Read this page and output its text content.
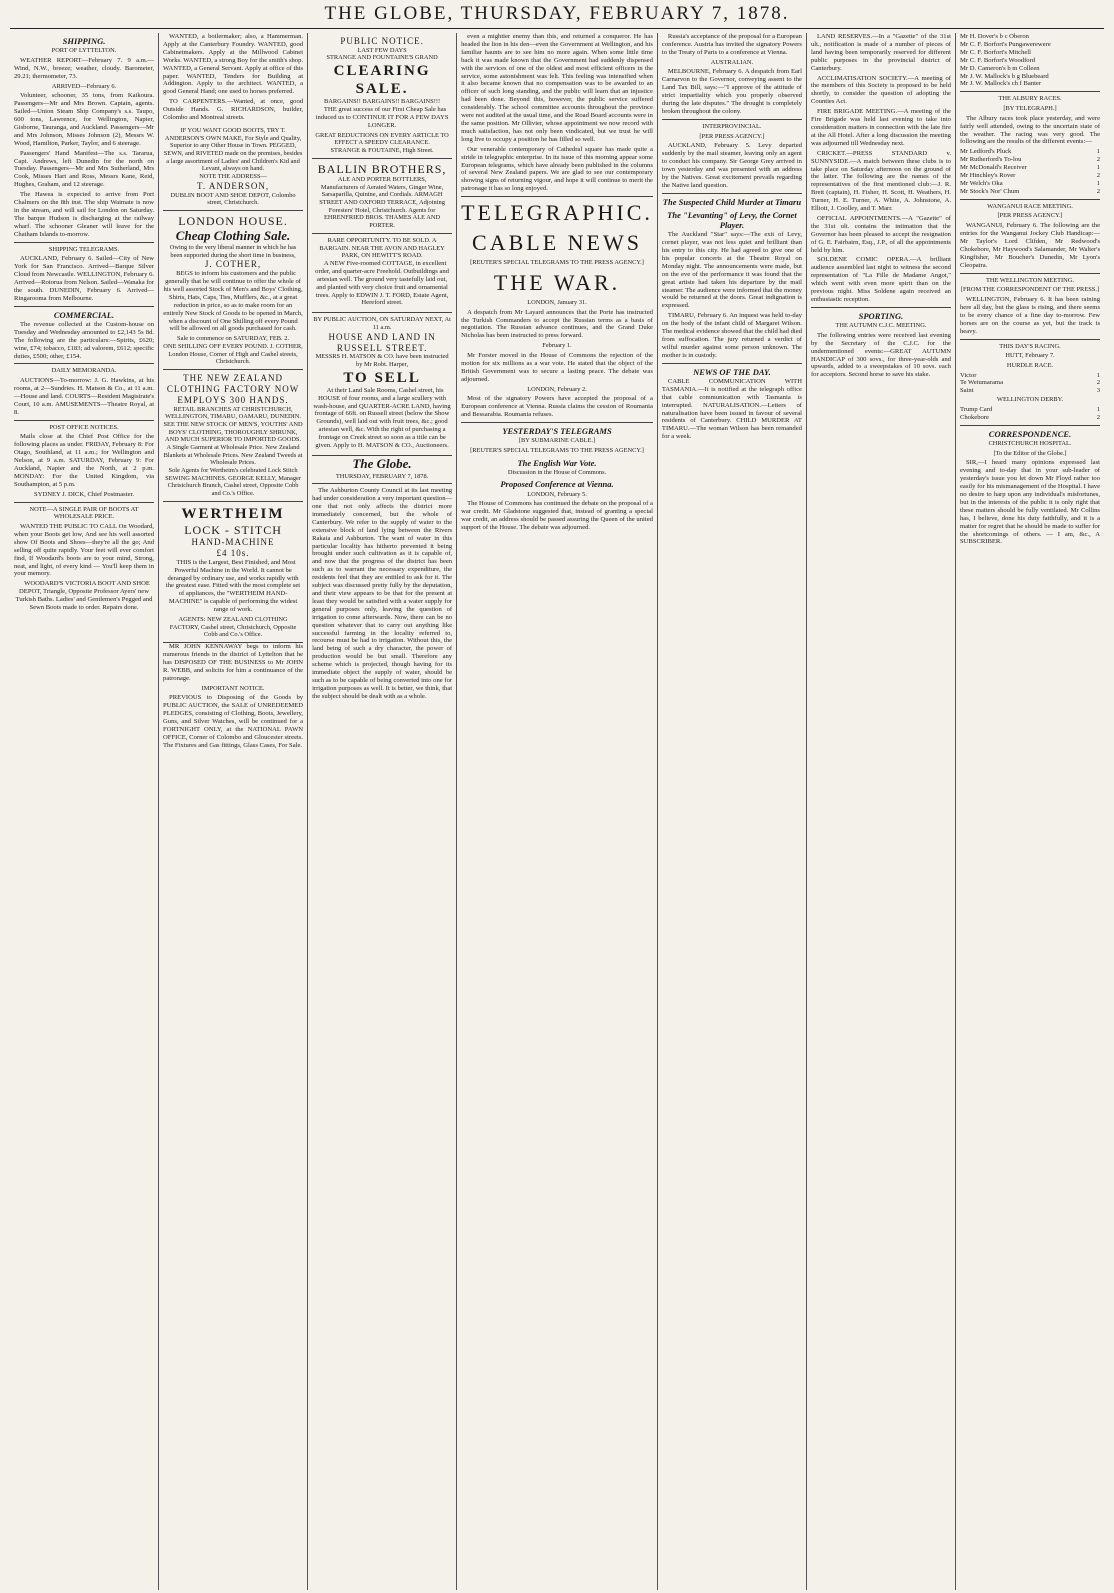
THE GLOBE, THURSDAY, FEBRUARY 7, 1878.
SHIPPING.
PORT OF LYTTELTON.

WEATHER REPORT—February 7. 9 a.m.—Wind, N.W., breeze; weather, cloudy. Barometer, 29.21; thermometer, 73.

ARRIVED—February 6.

Volunteer, schooner, 35 tons, from Kaikoura. Passengers—Mr and Mrs Brown. Captain, agents. Sailed—Union Steam Ship Company's s.s. Taupo, 600 tons, Lawrence, for Wellington, Napier, Gisborne, Tauranga, and Auckland. Passengers—Mr and Mrs Johnson, Misses Johnson (2), Messrs W. Wood, Hamilton, Parker, Taylor, and 6 steerage.

Passengers' Hand Manifest—The s.s. Tararua, Capt. Andrews, left Dunedin for the north on Tuesday. Passengers—Mr and Mrs Sutherland, Mrs Cook, Misses Hart and Ross, Messrs Kane, Reid, Hughes, Graham, and 12 steerage.

The Hawea is expected to arrive from Port Chalmers on the 8th inst. The ship Waimate is now in the stream, and will sail for London on Saturday. The barque Hudson is discharging at the railway wharf. The schooner Gleaner will leave for the Chatham Islands to-morrow.

SHIPPING TELEGRAMS.

AUCKLAND, February 6. Sailed—City of New York for San Francisco. Arrived—Barque Silver Cloud from Newcastle. WELLINGTON, February 6. Arrived—Rotorua from Nelson. Sailed—Wanaka for the south. DUNEDIN, February 6. Arrived—Ringarooma from Melbourne.

COMMERCIAL.

The revenue collected at the Custom-house on Tuesday and Wednesday amounted to £2,143 5s 8d. The following are the particulars:—Spirits, £620; wine, £74; tobacco, £183; ad valorem, £612; specific duties, £500; other, £154.

DAILY MEMORANDA.

AUCTIONS—To-morrow: J. G. Hawkins, at his rooms, at 2—Sundries. H. Matson & Co., at 11 a.m.—House and land. COURTS—Resident Magistrate's Court, 10 a.m. AMUSEMENTS—Theatre Royal, at 8.

POST OFFICE NOTICES.

Mails close at the Chief Post Office for the following places as under. FRIDAY, February 8: For Otago, Southland, at 11 a.m.; for Wellington and Nelson, at 9 a.m. SATURDAY, February 9: For Auckland, Napier and the North, at 2 p.m. MONDAY: For the United Kingdom, via Southampton, at 5 p.m.

SYDNEY J. DICK, Chief Postmaster.
NOTE—A SINGLE PAIR OF BOOTS AT WHOLESALE PRICE.

WANTED THE PUBLIC TO CALL On Woodard, when your Boots get low, And see his well assorted show Of Boots and Shoes—they're all the go; And selling off quite rapidly. Your feet will ever comfort find, If Woodard's boots are to your mind, Strong, neat, and light, of every kind — You'll keep them in your memory.

WOODARD'S VICTORIA BOOT AND SHOE DEPOT, Triangle, Opposite Professor Ayers' new Turkish Baths. Ladies' and Gentlemen's Pegged and Sewn Boots made to order. Repairs done.

WANTED, a boilermaker; also, a Hammerman. Apply at the Canterbury Foundry. WANTED, good Cabinetmakers. Apply at the Millwood Cabinet Works. WANTED, a strong Boy for the smith's shop. WANTED, a General Servant. Apply at office of this paper. WANTED, Tenders for Building at Addington. Apply to the architect. WANTED, a good General Hand; one used to horses preferred.

TO CARPENTERS.—Wanted, at once, good Outside Hands. G. RICHARDSON, builder, Colombo and Montreal streets.

IF YOU WANT GOOD BOOTS, TRY T. ANDERSON'S OWN MAKE, For Style and Quality, Superior to any Other House in Town. PEGGED, SEWN, and RIVETED made on the premises, besides a large assortment of Ladies' and Children's Kid and Levant, always on hand.
NOTE THE ADDRESS—
T. ANDERSON,
DUBLIN BOOT AND SHOE DEPOT, Colombo street, Christchurch.
LONDON HOUSE.
Cheap Clothing Sale.
Owing to the very liberal manner in which he has been supported during the short time in business,
J. COTHER,

BEGS to inform his customers and the public generally that he will continue to offer the whole of his well assorted Stock of Men's and Boys' Clothing, Shirts, Hats, Caps, Ties, Mufflers, &c., at a great reduction in price, so as to make room for an entirely New Stock of Goods to be opened in March, when a discount of One Shilling off every Pound will be allowed on all goods purchased for cash.

Sale to commence on SATURDAY, FEB. 2.
ONE SHILLING OFF EVERY POUND. J. COTHER, London House, Corner of High and Cashel streets, Christchurch.
THE NEW ZEALAND CLOTHING FACTORY NOW EMPLOYS 300 HANDS.
RETAIL BRANCHES AT CHRISTCHURCH, WELLINGTON, TIMARU, OAMARU, DUNEDIN.
SEE THE NEW STOCK OF MEN'S, YOUTHS' AND BOYS' CLOTHING, THOROUGHLY SHRUNK, AND MUCH SUPERIOR TO IMPORTED GOODS.
A Single Garment at Wholesale Price. New Zealand Blankets at Wholesale Prices. New Zealand Tweeds at Wholesale Prices.
Sole Agents for Wertheim's celebrated Lock Stitch SEWING MACHINES. GEORGE KELLY, Manager Christchurch Branch, Cashel street, Opposite Cobb and Co.'s Office.
WERTHEIM
LOCK - STITCH
HAND-MACHINE
£4 10s.

THIS is the Largest, Best Finished, and Most Powerful Machine in the World. It cannot be deranged by ordinary use, and works rapidly with the greatest ease. Fitted with the most complete set of appliances, the "WERTHEIM HAND-MACHINE" is capable of performing the widest range of work.

AGENTS: NEW ZEALAND CLOTHING FACTORY, Cashel street, Christchurch, Opposite Cobb and Co.'s Office.

MR JOHN KENNAWAY begs to inform his numerous friends in the district of Lyttelton that he has DISPOSED OF THE BUSINESS to Mr JOHN R. WEBB, and solicits for him a continuance of the patronage.

IMPORTANT NOTICE.

PREVIOUS to Disposing of the Goods by PUBLIC AUCTION, the SALE of UNREDEEMED PLEDGES, consisting of Clothing, Boots, Jewellery, Guns, and Silver Watches, will be continued for a FORTNIGHT ONLY, at the NATIONAL PAWN OFFICE, Corner of Colombo and Gloucester streets. The Fixtures and Gas fittings, Glass Cases, For Sale.

PUBLIC NOTICE.
LAST FEW DAYS
STRANGE AND FOUNTAINE'S GRAND
CLEARING SALE.
BARGAINS!! BARGAINS!! BARGAINS!!!

THE great success of our First Cheap Sale has induced us to CONTINUE IT FOR A FEW DAYS LONGER.

GREAT REDUCTIONS ON EVERY ARTICLE TO EFFECT A SPEEDY CLEARANCE.
STRANGE & FOUTAINE, High Street.
BALLIN BROTHERS,
ALE AND PORTER BOTTLERS,
Manufacturers of Aerated Waters, Ginger Wine, Sarsaparilla, Quinine, and Cordials. ARMAGH STREET AND OXFORD TERRACE, Adjoining Foresters' Hotel, Christchurch. Agents for EHRENFRIED BROS. THAMES ALE AND PORTER.
RARE OPPORTUNITY. TO BE SOLD. A BARGAIN. NEAR THE AVON AND HAGLEY PARK, ON HEWITT'S ROAD.

A NEW Five-roomed COTTAGE, in excellent order, and quarter-acre Freehold. Outbuildings and artesian well. The ground very tastefully laid out, and planted with very choice fruit and ornamental trees. Apply to EDWIN J. T. FORD, Estate Agent, Hereford street.

BY PUBLIC AUCTION, ON SATURDAY NEXT, At 11 a.m.
HOUSE AND LAND IN RUSSELL STREET.
MESSRS H. MATSON & CO. have been instructed by Mr Robt. Harper,
TO SELL

At their Land Sale Rooms, Cashel street, his HOUSE of four rooms, and a large scullery with wash-house, and QUARTER-ACRE LAND, having frontage of 66ft. on Russell street (below the Show Grounds), well laid out with fruit trees, &c.; good artesian well, &c. With the right of purchasing a frontage on Creek street so soon as a title can be given. Apply to H. MATSON & CO., Auctioneers.

The Globe.
THURSDAY, FEBRUARY 7, 1878.

The Ashburton County Council at its last meeting had under consideration a very important question—one that not only affects the district more immediately concerned, but the whole of Canterbury. We refer to the supply of water to the extensive block of land lying between the Rivers Rakaia and Ashburton. The want of water in this particular locality has hitherto prevented it being brought under such cultivation as it is capable of, and now that the progress of the district has been such as to warrant the necessary expenditure, the residents feel that they are entitled to ask for it. The subject was discussed pretty fully by the deputation, and their view appears to be that for the present at least they would be satisfied with a water supply for general purposes only, leaving the question of irrigation to come afterwards. Now, there can be no question whatever that to carry out anything like successful farming in the locality referred to, recourse must be had to irrigation. Without this, the land being of such a dry character, the power of production would be but small. Therefore any scheme which is projected, though having for its immediate object the supply of water, should be such as to be capable of being converted into one for irrigation purposes as well. It is better, we think, that the subject should be dealt with as a whole.

even a mightier enemy than this, and returned a conqueror. He has headed the lion in his den—even the Government at Wellington, and his familiar haunts are to see him no more again. When some little time back it was made known that the Government had suddenly dispensed with the services of one of the oldest and most efficient officers in the service, some astonishment was felt. This feeling was intensified when it also became known that no compensation was to be awarded to an officer of such long standing, and the public will learn that an injustice had been done. Beyond this, however, the public service suffered considerably. The school committee accounts throughout the province were not audited at the usual time, and the Road Board accounts were in the same position. Mr Ollivier, whose appointment we now record with much satisfaction, has not only been vindicated, but we trust he will long live to occupy a position he has filled so well.

Our venerable contemporary of Cathedral square has made quite a stride in telegraphic enterprise. In its issue of this morning appear some European telegrams, which have already been published in the columns of several New Zealand papers. We are glad to see our contemporary showing signs of returning vigour, and hope it will continue to merit the patronage it has so long enjoyed.

TELEGRAPHIC.
CABLE NEWS
[REUTER'S SPECIAL TELEGRAMS TO THE PRESS AGENCY.]
THE WAR.
LONDON, January 31.

A despatch from Mr Layard announces that the Porte has instructed the Turkish Commanders to accept the Russian terms as a basis of negotiation. The Russian advance continues, and the Grand Duke Nicholas has been instructed to press forward.

February 1.

Mr Forster moved in the House of Commons the rejection of the motion for six millions as a war vote. He stated that the object of the British Government was to secure a lasting peace. The debate was adjourned.

LONDON, February 2.

Most of the signatory Powers have accepted the proposal of a European conference at Vienna. Russia claims the cession of Roumania and Bessarabia. Roumania refuses.

YESTERDAY'S TELEGRAMS
[BY SUBMARINE CABLE.]
[REUTER'S SPECIAL TELEGRAMS TO THE PRESS AGENCY.]
The English War Vote.
Discussion in the House of Commons.
Proposed Conference at Vienna.
LONDON, February 5.

The House of Commons has continued the debate on the proposal of a war credit. Mr Gladstone suggested that, instead of granting a special war credit, an address should be passed assuring the Queen of the united support of the House. The debate was adjourned.

Russia's acceptance of the proposal for a European conference. Austria has invited the signatory Powers to the Treaty of Paris to a conference at Vienna.

AUSTRALIAN.

MELBOURNE, February 6. A despatch from Earl Carnarvon to the Governor, conveying assent to the Land Tax Bill, says:—"I approve of the attitude of strict impartiality which you properly observed during the late disputes." The drought is completely broken throughout the colony.

INTERPROVINCIAL.
[PER PRESS AGENCY.]

AUCKLAND, February 5. Levy departed suddenly by the mail steamer, leaving only an agent to conduct his company. Sir George Grey arrived in town yesterday and was presented with an address by the Natives. Great excitement prevails regarding the Native land question.

The Suspected Child Murder at Timaru
The "Levanting" of Levy, the Cornet Player.

The Auckland "Star" says:—The exit of Levy, cornet player, was not less quiet and brilliant than his entry to this city. He had agreed to give one of his popular concerts at the Theatre Royal on Monday night. The announcements were made, but on the eve of the performance it was found that the great artiste had taken his departure by the mail steamer. The audience were informed that the money would be returned at the doors. Great indignation is expressed.

TIMARU, February 6. An inquest was held to-day on the body of the infant child of Margaret Wilson. The medical evidence showed that the child had died from suffocation. The jury returned a verdict of wilful murder against some person unknown. The mother is in custody.

NEWS OF THE DAY.

CABLE COMMUNICATION WITH TASMANIA.—It is notified at the telegraph office that cable communication with Tasmania is interrupted. NATURALISATION.—Letters of naturalisation have been issued in favour of several residents of Canterbury. CHILD MURDER AT TIMARU.—The woman Wilson has been remanded for a week.

LAND RESERVES.—In a "Gazette" of the 31st ult., notification is made of a number of pieces of land having been temporarily reserved for different public purposes in the provincial district of Canterbury.

ACCLIMATISATION SOCIETY.—A meeting of the members of this Society is proposed to be held shortly, to consider the question of adopting the Counties Act.

FIRE BRIGADE MEETING.—A meeting of the Fire Brigade was held last evening to take into consideration matters in connection with the late fire at the All Hotel. After a long discussion the meeting was adjourned till Wednesday next.

CRICKET.—PRESS STANDARD v. SUNNYSIDE.—A match between these clubs is to take place on Saturday afternoon on the ground of the latter. The following are the names of the representatives of the first mentioned club:—J. R. Brett (captain), H. Fisher, H. Scott, H. Weathers, H. Turner, H. E. Turner, A. White, A. Johnstone, A. Elliott, J. Coolley, and T. Marr.

OFFICIAL APPOINTMENTS.—A "Gazette" of the 31st ult. contains the intimation that the Governor has been pleased to accept the resignation of G. E. Fairbairn, Esq., J.P., of all the appointments held by him.

SOLDENE COMIC OPERA.—A brilliant audience assembled last night to witness the second representation of "La Fille de Madame Angot," which went with even more spirit than on the previous night. Miss Soldene again received an enthusiastic reception.

SPORTING.
THE AUTUMN C.J.C. MEETING.

The following entries were received last evening by the Secretary of the C.J.C. for the undermentioned events:—GREAT AUTUMN HANDICAP of 300 sovs., for three-year-olds and upwards, added to a sweepstakes of 10 sovs. each for acceptors. Second horse to save his stake.

Mr H. Dover's b c Oberon
Mr C. F. Borfort's Pungawerewere
Mr C. F. Borfort's Mitchell
Mr C. F. Borfort's Woodford
Mr D. Cameron's b m Colleen
Mr J. W. Mallock's b g Bluebeard
Mr J. W. Mallock's ch f Banter
THE ALBURY RACES.
[BY TELEGRAPH.]

The Albury races took place yesterday, and were fairly well attended, owing to the uncertain state of the weather. The racing was very good. The following are the results of the different events:—

Mr Ledford's Pluck	1
Mr Rutherford's To-lou	2
Mr McDonald's Receiver	1
Mr Hinchley's Rover	2
Mr Welch's Oka	1
Mr Stock's Nor' Chum	2
WANGANUI RACE MEETING.
[PER PRESS AGENCY.]

WANGANUI, February 6. The following are the entries for the Wanganui Jockey Club Handicap:—Mr Taylor's Lord Clifden, Mr Redwood's Chokebore, Mr Haywood's Salamander, Mr Walter's Kingfisher, Mr Boucher's Dunedin, Mr Lyon's Cleopatra.

THE WELLINGTON MEETING.
[FROM THE CORRESPONDENT OF THE PRESS.]

WELLINGTON, February 6. It has been raining here all day, but the glass is rising, and there seems to be every chance of a fine day to-morrow. Few horses are on the course as yet, but the track is heavy.

THIS DAY'S RACING.
HUTT, February 7.
HURDLE RACE.
Victor	1
Te Wetumarama	2
Saint	3
WELLINGTON DERBY.
Trump Card	1
Chokebore	2
CORRESPONDENCE.
CHRISTCHURCH HOSPITAL.
[To the Editor of the Globe.]

SIR,—I heard many opinions expressed last evening and to-day that in your sub-leader of yesterday's issue you let down Mr Floyd rather too easily for his mismanagement of the Hospital. I have no desire to harp upon any individual's misfortunes, but in the interests of the public it is only right that these matters should be fully ventilated. Mr Collins has, I believe, done his duty faithfully, and it is a matter for regret that he should be made to suffer for the shortcomings of others. — I am, &c., A SUBSCRIBER.
